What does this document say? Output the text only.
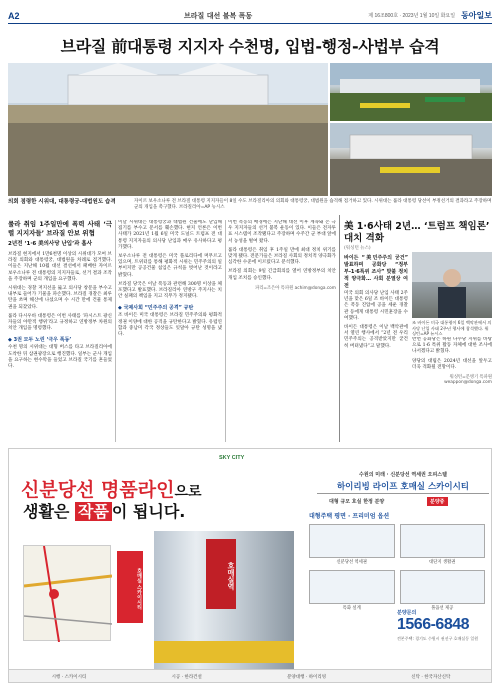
A2	브라질 대선 불복 폭동	제 16조800호 · 2023년 1월 10일 화요일 동아일보
브라질 前대통령 지지자 수천명, 입법-행정-사법부 습격
의회 점령한 시위대, 대통령궁-대법원도 습격	자이르 보우소나루 전 브라질 대통령 지지자들이 8일 수도 브라질리아의 의회와 대통령궁, 대법원을 습격해 점거하고 있다. 시위대는 룰라 대통령 당선이 부정선거의 결과라고 주장하며 군의 개입을 촉구했다. 브라질리아=AP 뉴시스

룰라 취임 1주일만에 폭력 사태 ‘극렬 지지자들’ 브라질 안보 위협

2년전 ‘1·6 美의사당 난입’과 흡사

브라질 현지에서 1만6천명 이상의 시위대가 모여 브라질 의회와 대통령궁, 대법원을 차례로 점거했다. 이들은 지난해 10월 대선 결선에서 패배한 자이르 보우소나루 전 대통령의 지지자들로, 선거 결과 조작을 주장하며 군의 개입을 요구했다.

시위대는 경찰 저지선을 뚫고 의사당 창문을 부수고 내부로 들어가 기물을 파손했다. 브라질 경찰은 최루탄을 쏘며 해산에 나섰으며 수 시간 만에 건물 통제권을 되찾았다.

룰라 다시우바 대통령은 이번 사태를 ‘파시스트 광신자들의 야만적 행위’라고 규정하고 연방정부 차원의 치안 개입을 명령했다.

◆ 3권 모두 노린 ‘극우 폭동’

수천 명의 시위대는 대형 버스를 타고 브라질리아에 도착한 뒤 삼권광장으로 행진했다. 일부는 군사 개입을 요구하는 현수막을 들었고 브라질 국기를 흔들었다.

이날 시위대는 대통령궁과 대법원 건물에도 난입해 집기를 부수고 문서를 훼손했다. 현지 언론은 이번 사태가 2021년 1월 6일 미국 도널드 트럼프 전 대통령 지지자들의 의사당 난입과 매우 유사하다고 평가했다.

보우소나루 전 대통령은 미국 플로리다에 머무르고 있으며, 트위터를 통해 평화적 시위는 민주주의의 일부이지만 공공건물 침입은 규칙을 벗어난 것이라고 밝혔다.

브라질 당국은 이날 폭동과 관련해 300명 이상을 체포했다고 발표했다. 브라질리아 연방구 주지사는 치안 실패의 책임을 지고 직무가 정지됐다.

◆ 국제사회 “민주주의 공격” 규탄

조 바이든 미국 대통령은 브라질 민주주의와 평화적 정권 이양에 대한 공격을 규탄한다고 밝혔다. 유럽연합과 중남미 각국 정상들도 잇달아 규탄 성명을 냈다.

이번 폭동의 배경에는 지난해 대선 이후 계속돼 온 극우 지지자들의 선거 불복 운동이 있다. 이들은 전자투표 시스템이 조작됐다고 주장하며 수주간 군 부대 앞에서 농성을 벌여 왔다.

룰라 대통령은 취임 후 1주일 만에 최대 정치 위기를 맞게 됐다. 전문가들은 브라질 사회의 정치적 양극화가 심각한 수준에 이르렀다고 분석했다.

브라질 의회는 9일 긴급회의를 열어 연방정부의 치안 개입 조치를 승인했다.

파리=조은아 특파원 achim@donga.com

美 1·6사태 2년… ‘트럼프 책임론’ 대치 격화
(워싱턴 뉴스)

바이든 “美민주주의 굳건” 발표하며 공화당 “정부부-1·6특위 조사” 맞불 정치적 양극화… 사회 분열상 여전

미국 의회 의사당 난입 사태 2주년을 맞은 6일 조 바이든 대통령은 폭동 진압에 공을 세운 경찰관 등에게 대통령 시민훈장을 수여했다.

바이든 대통령은 이날 백악관에서 열린 행사에서 “2년 전 우리 민주주의는 공격받았지만 굳건히 버텨냈다”고 말했다.

조 바이든 미국 대통령이 6일 백악관에서 의사당 난입 사태 2주년 행사에 참석했다. 워싱턴=AP 뉴시스

반면 공화당은 하원 다수당 지위를 바탕으로 1·6 특위 활동 자체에 대한 조사에 나서겠다고 밝혔다.

양당의 대립은 2024년 대선을 앞두고 더욱 격화될 전망이다.

워싱턴=문병기 특파원 weappon@donga.com

SKY CITY
신분당선 명품라인으로
생활은 작품 이 됩니다.
수원의 미래 · 신분당선 역세권 오피스텔
하이리빙 라이프 호매실 스카이시티
대형 규모 호실 한정 분양	분양중
호매실 스카이시티	호매실역
대형주택 평면 · 프리미엄 옵션
신분당선 역세권	대단지 생활권
특화 설계	풀옵션 제공
분양문의
1566-6848
견본주택: 경기도 수원시 권선구 호매실동 일원
시행 · 스카이시티	시공 · 한라건설	분양대행 · 하이리빙	신탁 · 한국자산신탁
